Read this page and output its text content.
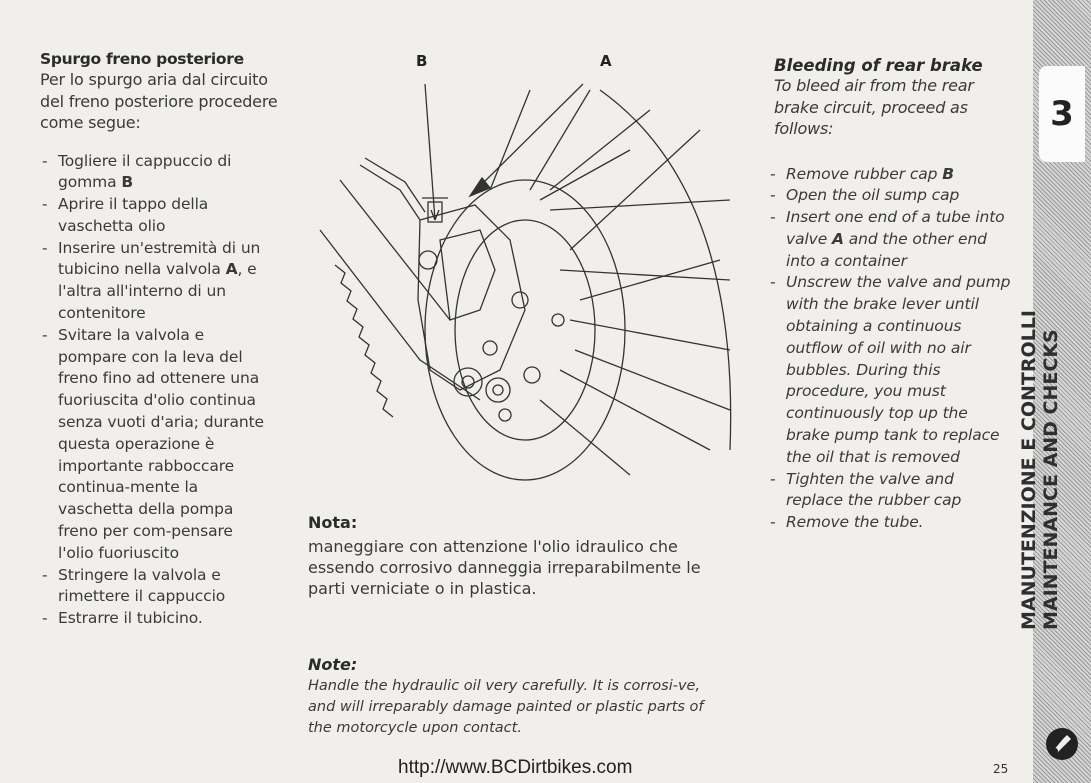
Spurgo freno posteriore
Per lo spurgo aria dal circuito del freno posteriore procedere come segue:
- Togliere il cappuccio di gomma B
- Aprire il tappo della vaschetta olio
- Inserire un'estremità di un tubicino nella valvola A, e l'altra all'interno di un contenitore
- Svitare la valvola e pompare con la leva del freno fino ad ottenere una fuoriuscita d'olio continua senza vuoti d'aria; durante questa operazione è importante rabboccare continua-mente la vaschetta della pompa freno per com-pensare l'olio fuoriuscito
- Stringere la valvola e rimettere il cappuccio
- Estrarre il tubicino.
B	A
Nota:
maneggiare con attenzione l'olio idraulico che essendo corrosivo danneggia irreparabilmente le parti verniciate o in plastica.
Note:
Handle the hydraulic oil very carefully. It is corrosi-ve, and will irreparably damage painted or plastic parts of the motorcycle upon contact.
Bleeding of rear brake
To bleed air from the rear brake circuit, proceed as follows:
- Remove rubber cap B
- Open the oil sump cap
- Insert one end of a tube into valve A and the other end into a container
- Unscrew the valve and pump with the brake lever until obtaining a continuous outflow of oil with no air bubbles. During this procedure, you must continuously top up the brake pump tank to replace the oil that is removed
- Tighten the valve and replace the rubber cap
- Remove the tube.
3
MANUTENZIONE E CONTROLLI MAINTENANCE AND CHECKS
http://www.BCDirtbikes.com	25
